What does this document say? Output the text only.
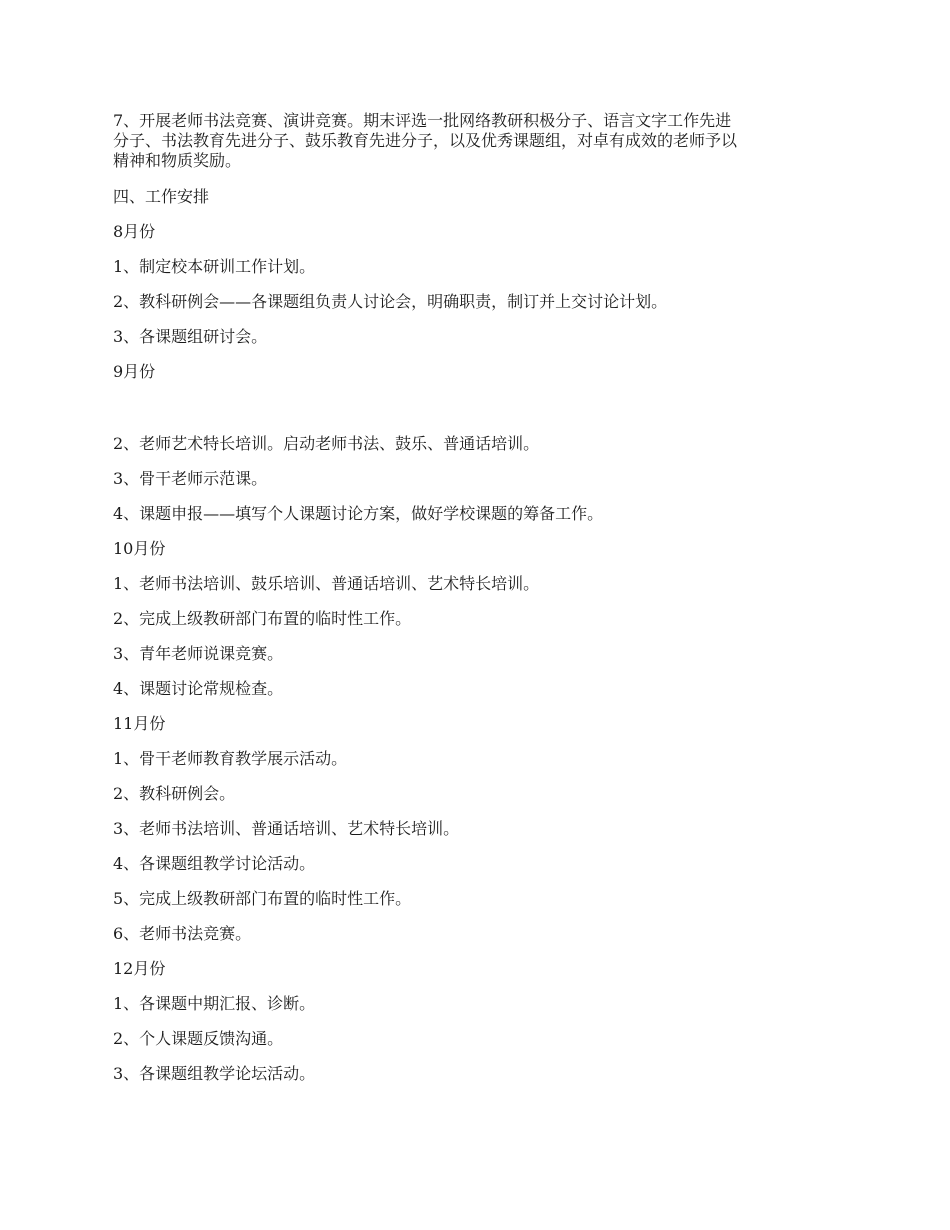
7、开展老师书法竞赛、演讲竞赛。期末评选一批网络教研积极分子、语言文字工作先进
分子、书法教育先进分子、鼓乐教育先进分子，以及优秀课题组，对卓有成效的老师予以
精神和物质奖励。

四、工作安排

8月份

1、制定校本研训工作计划。

2、教科研例会——各课题组负责人讨论会，明确职责，制订并上交讨论计划。

3、各课题组研讨会。

9月份

2、老师艺术特长培训。启动老师书法、鼓乐、普通话培训。

3、骨干老师示范课。

4、课题申报——填写个人课题讨论方案，做好学校课题的筹备工作。

10月份

1、老师书法培训、鼓乐培训、普通话培训、艺术特长培训。

2、完成上级教研部门布置的临时性工作。

3、青年老师说课竞赛。

4、课题讨论常规检查。

11月份

1、骨干老师教育教学展示活动。

2、教科研例会。

3、老师书法培训、普通话培训、艺术特长培训。

4、各课题组教学讨论活动。

5、完成上级教研部门布置的临时性工作。

6、老师书法竞赛。

12月份

1、各课题中期汇报、诊断。

2、个人课题反馈沟通。

3、各课题组教学论坛活动。
